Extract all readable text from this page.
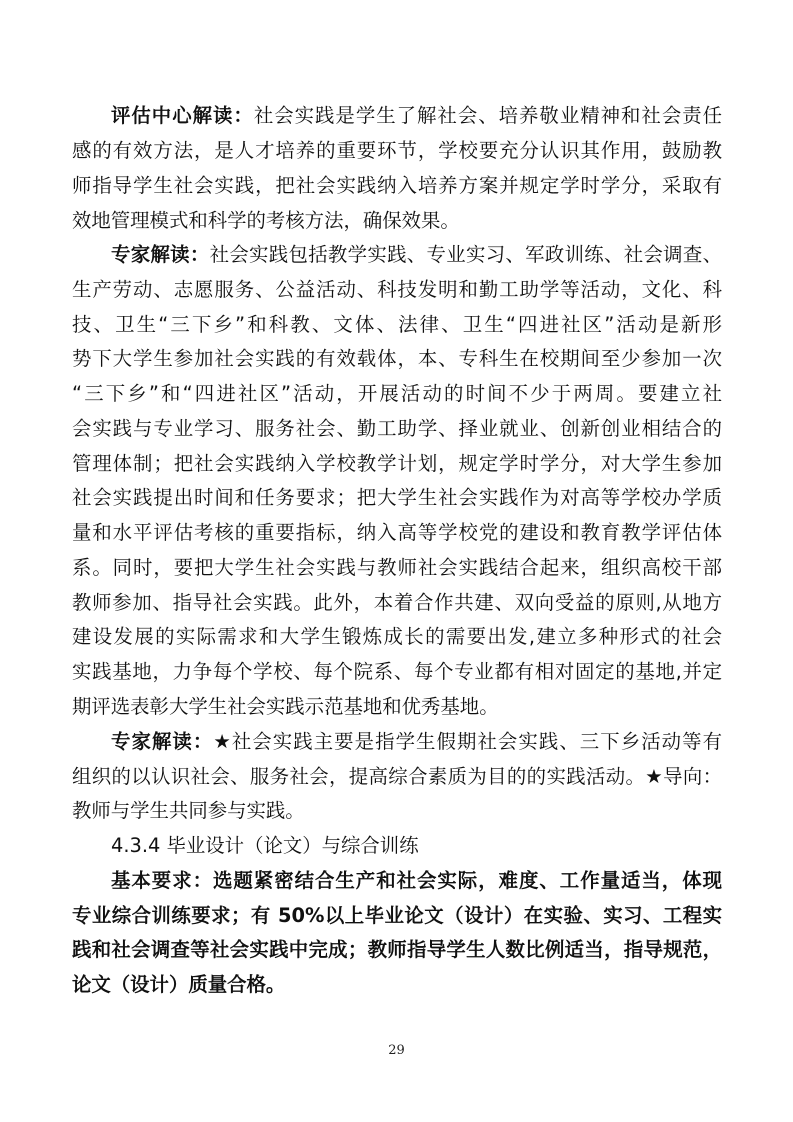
评估中心解读：社会实践是学生了解社会、培养敬业精神和社会责任
感的有效方法，是人才培养的重要环节，学校要充分认识其作用，鼓励教
师指导学生社会实践，把社会实践纳入培养方案并规定学时学分，采取有
效地管理模式和科学的考核方法，确保效果。
专家解读：社会实践包括教学实践、专业实习、军政训练、社会调查、
生产劳动、志愿服务、公益活动、科技发明和勤工助学等活动，文化、科
技、卫生“三下乡”和科教、文体、法律、卫生“四进社区”活动是新形
势下大学生参加社会实践的有效载体，本、专科生在校期间至少参加一次
“三下乡”和“四进社区”活动，开展活动的时间不少于两周。要建立社
会实践与专业学习、服务社会、勤工助学、择业就业、创新创业相结合的
管理体制；把社会实践纳入学校教学计划，规定学时学分，对大学生参加
社会实践提出时间和任务要求；把大学生社会实践作为对高等学校办学质
量和水平评估考核的重要指标，纳入高等学校党的建设和教育教学评估体
系。同时，要把大学生社会实践与教师社会实践结合起来，组织高校干部
教师参加、指导社会实践。此外，本着合作共建、双向受益的原则,从地方
建设发展的实际需求和大学生锻炼成长的需要出发,建立多种形式的社会
实践基地，力争每个学校、每个院系、每个专业都有相对固定的基地,并定
期评选表彰大学生社会实践示范基地和优秀基地。
专家解读：★社会实践主要是指学生假期社会实践、三下乡活动等有
组织的以认识社会、服务社会，提高综合素质为目的的实践活动。★导向：
教师与学生共同参与实践。
4.3.4 毕业设计（论文）与综合训练
基本要求：选题紧密结合生产和社会实际，难度、工作量适当，体现
专业综合训练要求；有 50%以上毕业论文（设计）在实验、实习、工程实
践和社会调查等社会实践中完成；教师指导学生人数比例适当，指导规范，
论文（设计）质量合格。
29
